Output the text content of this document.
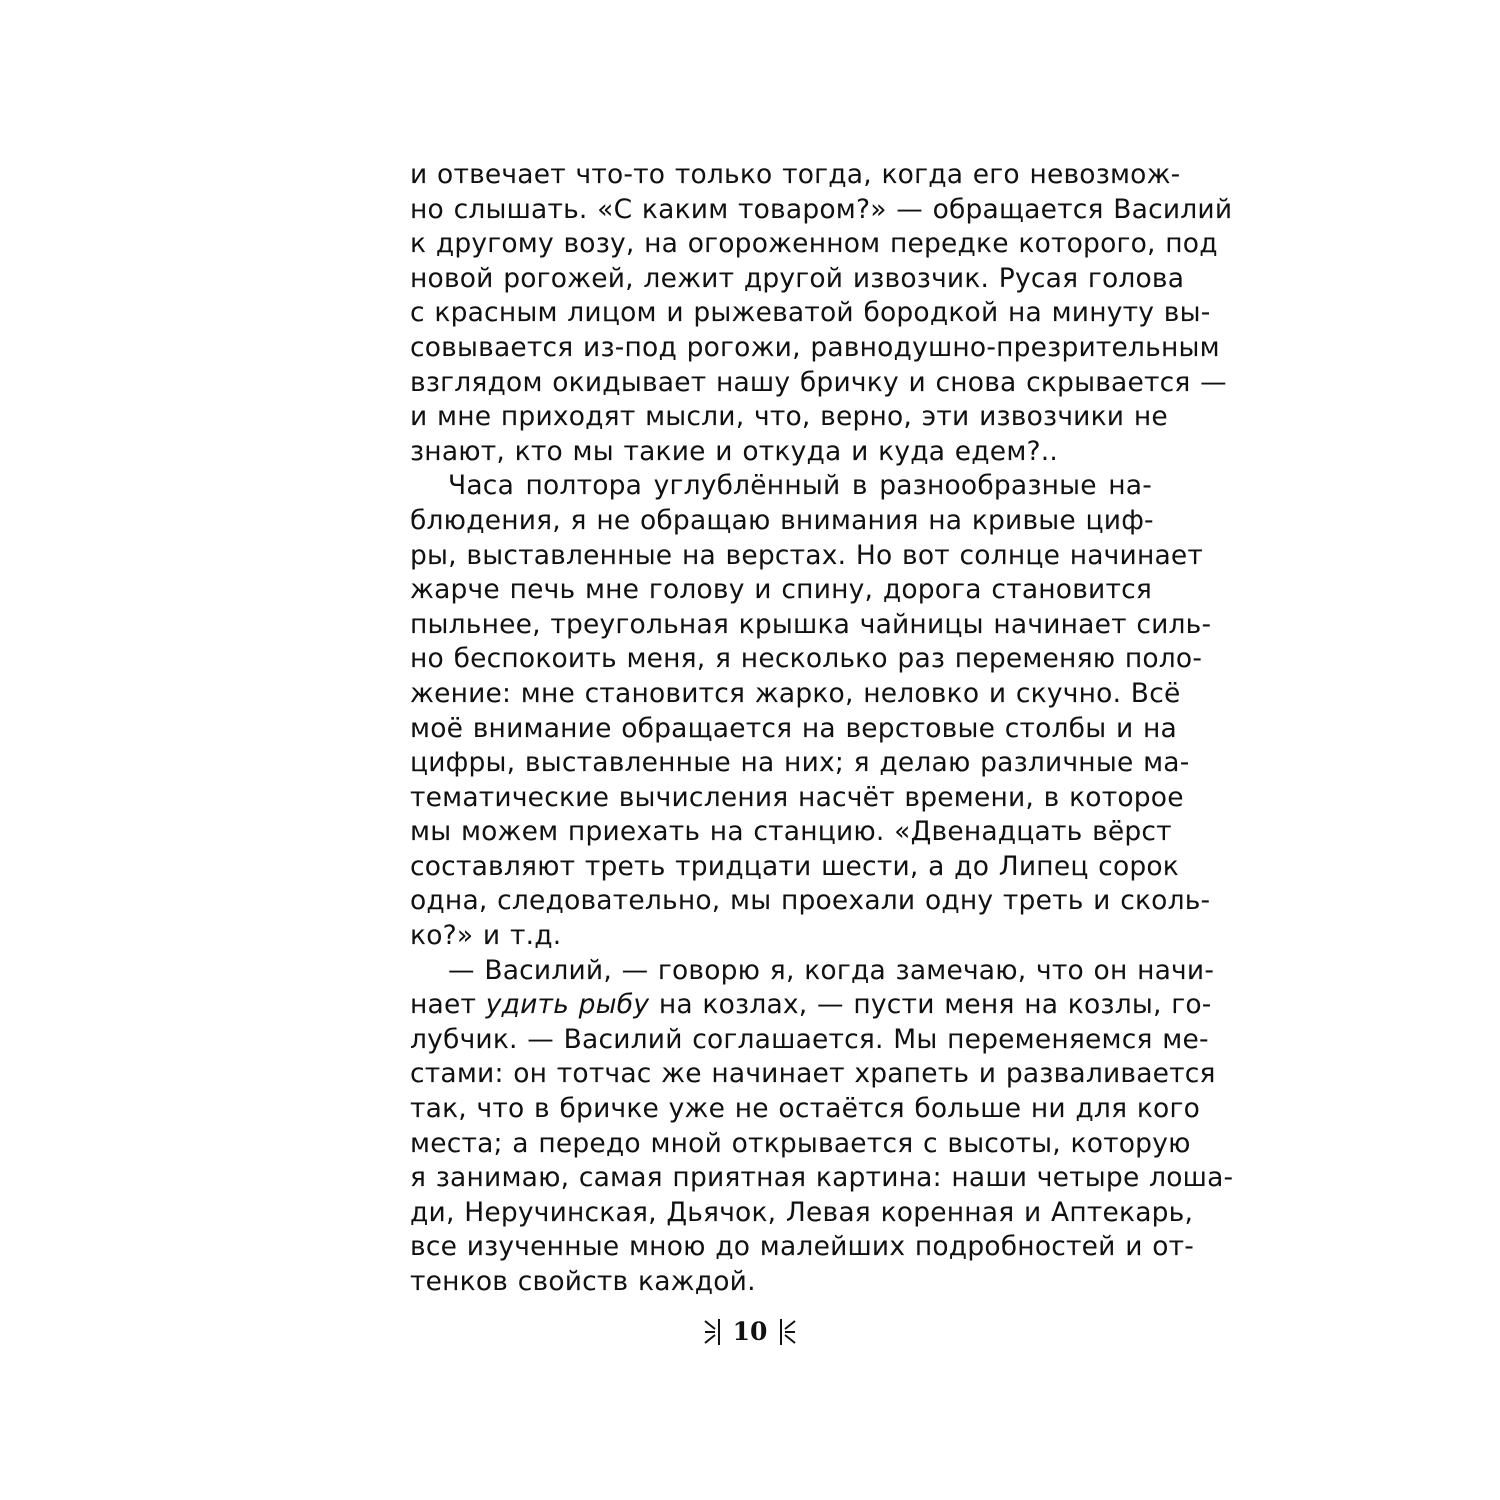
и отвечает что-то только тогда, когда его невозмож-
но слышать. «С каким товаром?» — обращается Василий
к другому возу, на огороженном передке которого, под
новой рогожей, лежит другой извозчик. Русая голова
с красным лицом и рыжеватой бородкой на минуту вы-
совывается из-под рогожи, равнодушно-презрительным
взглядом окидывает нашу бричку и снова скрывается —
и мне приходят мысли, что, верно, эти извозчики не
знают, кто мы такие и откуда и куда едем?..
Часа полтора углублённый в разнообразные на-
блюдения, я не обращаю внимания на кривые циф-
ры, выставленные на верстах. Но вот солнце начинает
жарче печь мне голову и спину, дорога становится
пыльнее, треугольная крышка чайницы начинает силь-
но беспокоить меня, я несколько раз переменяю поло-
жение: мне становится жарко, неловко и скучно. Всё
моё внимание обращается на верстовые столбы и на
цифры, выставленные на них; я делаю различные ма-
тематические вычисления насчёт времени, в которое
мы можем приехать на станцию. «Двенадцать вёрст
составляют треть тридцати шести, а до Липец сорок
одна, следовательно, мы проехали одну треть и сколь-
ко?» и т.д.
— Василий, — говорю я, когда замечаю, что он начи-
нает удить рыбу на козлах, — пусти меня на козлы, го-
лубчик. — Василий соглашается. Мы переменяемся ме-
стами: он тотчас же начинает храпеть и разваливается
так, что в бричке уже не остаётся больше ни для кого
места; а передо мной открывается с высоты, которую
я занимаю, самая приятная картина: наши четыре лоша-
ди, Неручинская, Дьячок, Левая коренная и Аптекарь,
все изученные мною до малейших подробностей и от-
тенков свойств каждой.
10
